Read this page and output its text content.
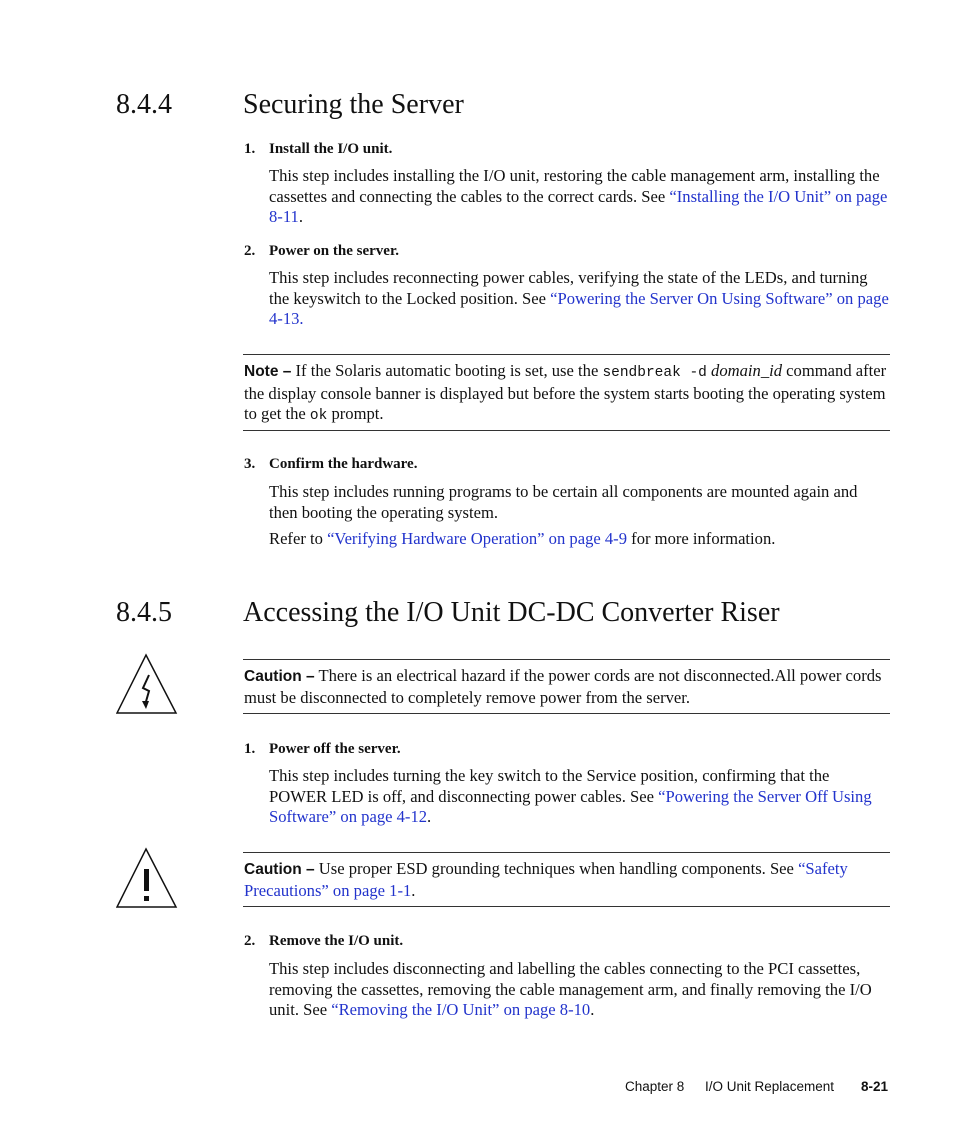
8.4.4	Securing the Server
1. Install the I/O unit.
This step includes installing the I/O unit, restoring the cable management arm, installing the cassettes and connecting the cables to the correct cards. See “Installing the I/O Unit” on page 8-11.
2. Power on the server.
This step includes reconnecting power cables, verifying the state of the LEDs, and turning the keyswitch to the Locked position. See “Powering the Server On Using Software” on page 4-13.
Note – If the Solaris automatic booting is set, use the sendbreak -d domain_id command after the display console banner is displayed but before the system starts booting the operating system to get the ok prompt.
3. Confirm the hardware.
This step includes running programs to be certain all components are mounted again and then booting the operating system.
Refer to “Verifying Hardware Operation” on page 4-9 for more information.
8.4.5	Accessing the I/O Unit DC-DC Converter Riser
Caution – There is an electrical hazard if the power cords are not disconnected.All power cords must be disconnected to completely remove power from the server.
1. Power off the server.
This step includes turning the key switch to the Service position, confirming that the POWER LED is off, and disconnecting power cables. See “Powering the Server Off Using Software” on page 4-12.
Caution – Use proper ESD grounding techniques when handling components. See “Safety Precautions” on page 1-1.
2. Remove the I/O unit.
This step includes disconnecting and labelling the cables connecting to the PCI cassettes, removing the cassettes, removing the cable management arm, and finally removing the I/O unit. See “Removing the I/O Unit” on page 8-10.
Chapter 8 I/O Unit Replacement 8-21
